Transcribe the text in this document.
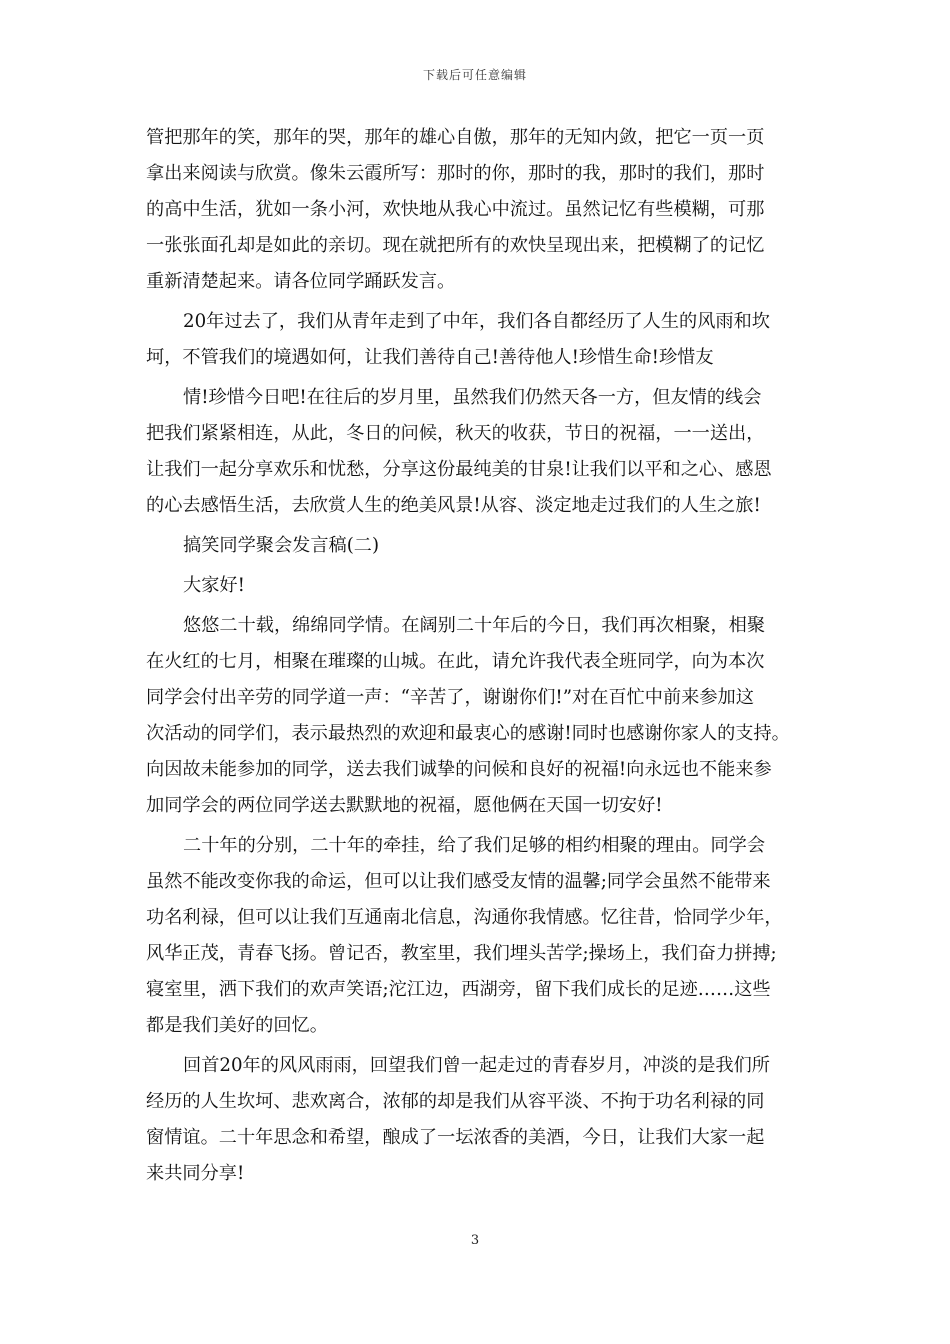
下载后可任意编辑
管把那年的笑，那年的哭，那年的雄心自傲，那年的无知内敛，把它一页一页
拿出来阅读与欣赏。像朱云霞所写：那时的你，那时的我，那时的我们，那时
的高中生活，犹如一条小河，欢快地从我心中流过。虽然记忆有些模糊，可那
一张张面孔却是如此的亲切。现在就把所有的欢快呈现出来，把模糊了的记忆
重新清楚起来。请各位同学踊跃发言。
20年过去了，我们从青年走到了中年，我们各自都经历了人生的风雨和坎
坷，不管我们的境遇如何，让我们善待自己!善待他人!珍惜生命!珍惜友
情!珍惜今日吧!在往后的岁月里，虽然我们仍然天各一方，但友情的线会
把我们紧紧相连，从此，冬日的问候，秋天的收获，节日的祝福，一一送出，
让我们一起分享欢乐和忧愁，分享这份最纯美的甘泉!让我们以平和之心、感恩
的心去感悟生活，去欣赏人生的绝美风景!从容、淡定地走过我们的人生之旅!
搞笑同学聚会发言稿(二)
大家好!
悠悠二十载，绵绵同学情。在阔别二十年后的今日，我们再次相聚，相聚
在火红的七月，相聚在璀璨的山城。在此，请允许我代表全班同学，向为本次
同学会付出辛劳的同学道一声：“辛苦了，谢谢你们!”对在百忙中前来参加这
次活动的同学们，表示最热烈的欢迎和最衷心的感谢!同时也感谢你家人的支持。
向因故未能参加的同学，送去我们诚挚的问候和良好的祝福!向永远也不能来参
加同学会的两位同学送去默默地的祝福，愿他俩在天国一切安好!
二十年的分别，二十年的牵挂，给了我们足够的相约相聚的理由。同学会
虽然不能改变你我的命运，但可以让我们感受友情的温馨;同学会虽然不能带来
功名利禄，但可以让我们互通南北信息，沟通你我情感。忆往昔，恰同学少年，
风华正茂，青春飞扬。曾记否，教室里，我们埋头苦学;操场上，我们奋力拼搏;
寝室里，洒下我们的欢声笑语;沱江边，西湖旁，留下我们成长的足迹……这些
都是我们美好的回忆。
回首20年的风风雨雨，回望我们曾一起走过的青春岁月，冲淡的是我们所
经历的人生坎坷、悲欢离合，浓郁的却是我们从容平淡、不拘于功名利禄的同
窗情谊。二十年思念和希望，酿成了一坛浓香的美酒，今日，让我们大家一起
来共同分享!
3
